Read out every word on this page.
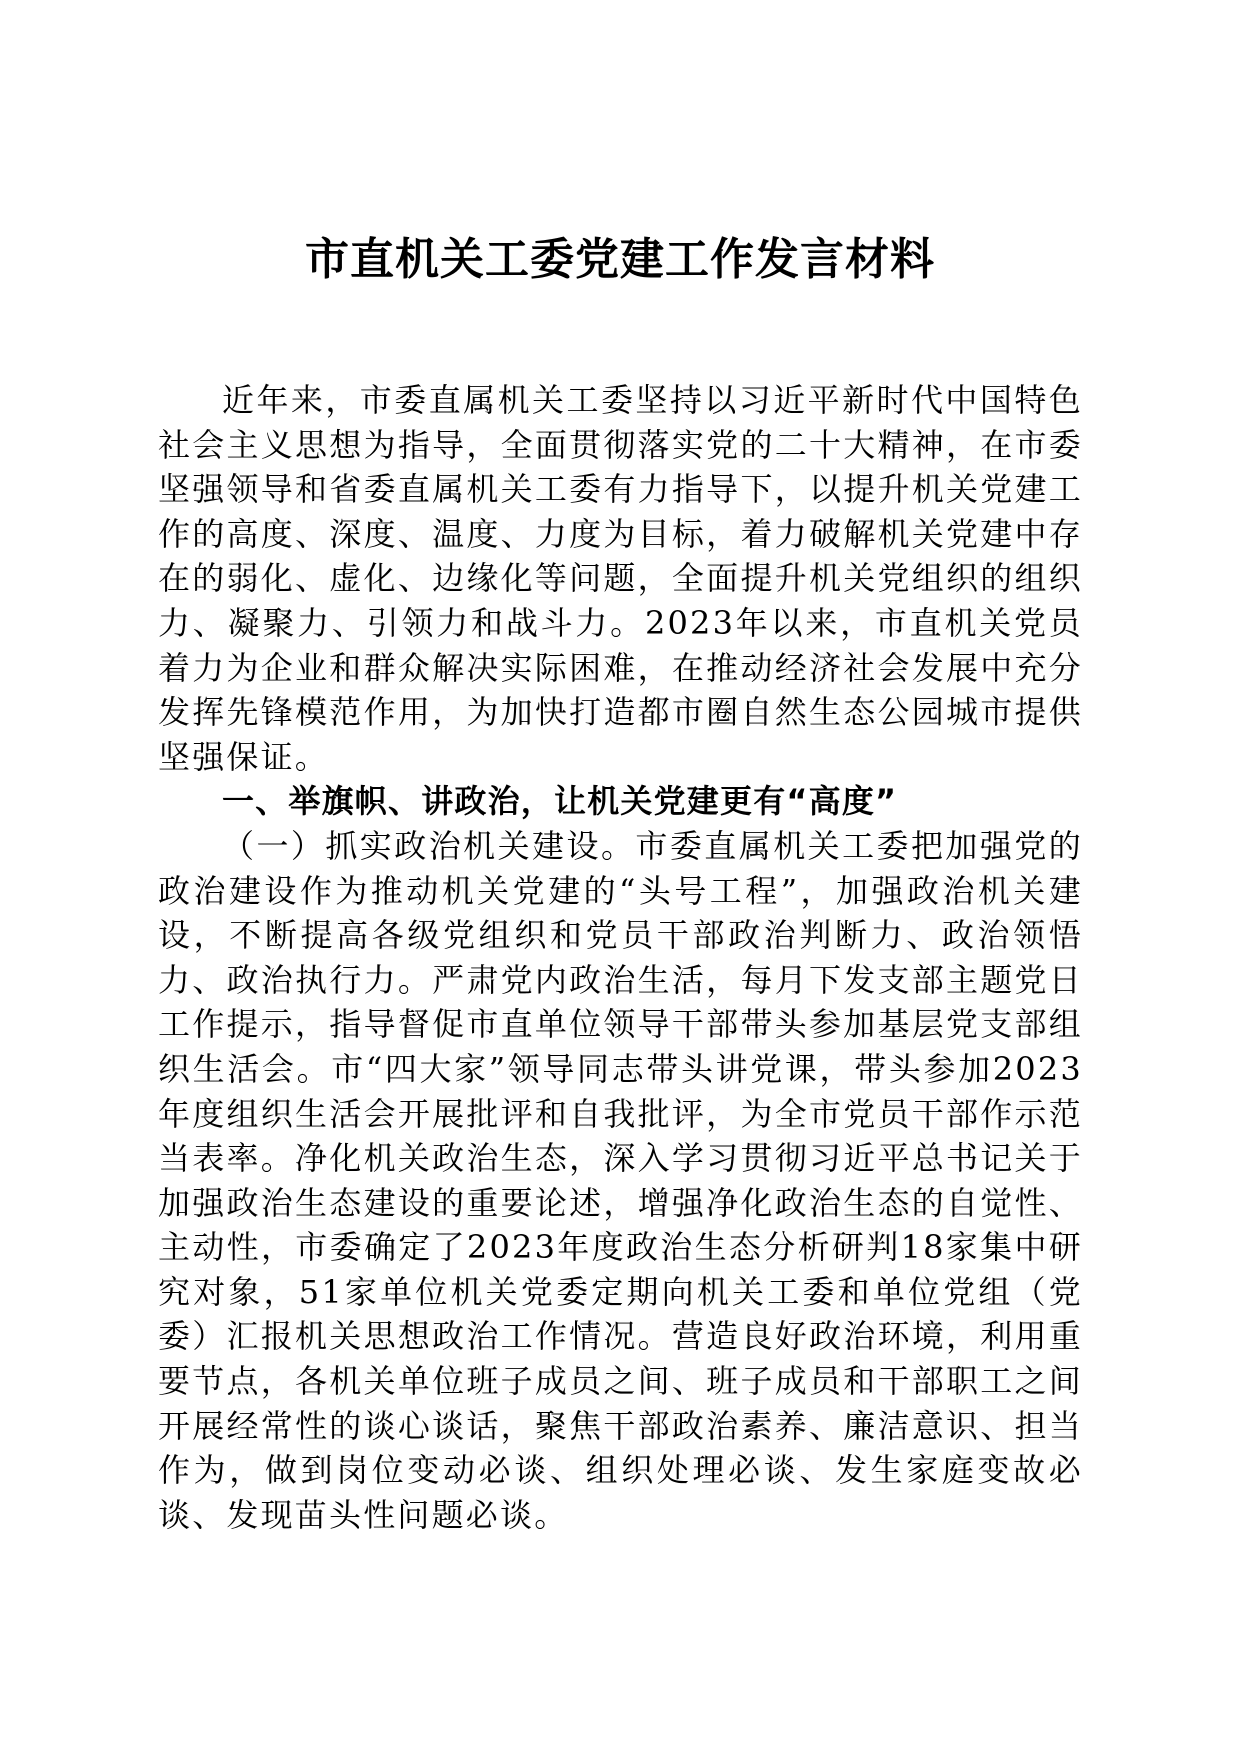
市直机关工委党建工作发言材料

近年来，市委直属机关工委坚持以习近平新时代中国特色社会主义思想为指导，全面贯彻落实党的二十大精神，在市委坚强领导和省委直属机关工委有力指导下，以提升机关党建工作的高度、深度、温度、力度为目标，着力破解机关党建中存在的弱化、虚化、边缘化等问题，全面提升机关党组织的组织力、凝聚力、引领力和战斗力。2023年以来，市直机关党员着力为企业和群众解决实际困难，在推动经济社会发展中充分发挥先锋模范作用，为加快打造都市圈自然生态公园城市提供坚强保证。

一、举旗帜、讲政治，让机关党建更有“高度”

（一）抓实政治机关建设。市委直属机关工委把加强党的政治建设作为推动机关党建的“头号工程”，加强政治机关建设，不断提高各级党组织和党员干部政治判断力、政治领悟力、政治执行力。严肃党内政治生活，每月下发支部主题党日工作提示，指导督促市直单位领导干部带头参加基层党支部组织生活会。市“四大家”领导同志带头讲党课，带头参加2023年度组织生活会开展批评和自我批评，为全市党员干部作示范当表率。净化机关政治生态，深入学习贯彻习近平总书记关于加强政治生态建设的重要论述，增强净化政治生态的自觉性、主动性，市委确定了2023年度政治生态分析研判18家集中研究对象，51家单位机关党委定期向机关工委和单位党组（党委）汇报机关思想政治工作情况。营造良好政治环境，利用重要节点，各机关单位班子成员之间、班子成员和干部职工之间开展经常性的谈心谈话，聚焦干部政治素养、廉洁意识、担当作为，做到岗位变动必谈、组织处理必谈、发生家庭变故必谈、发现苗头性问题必谈。
